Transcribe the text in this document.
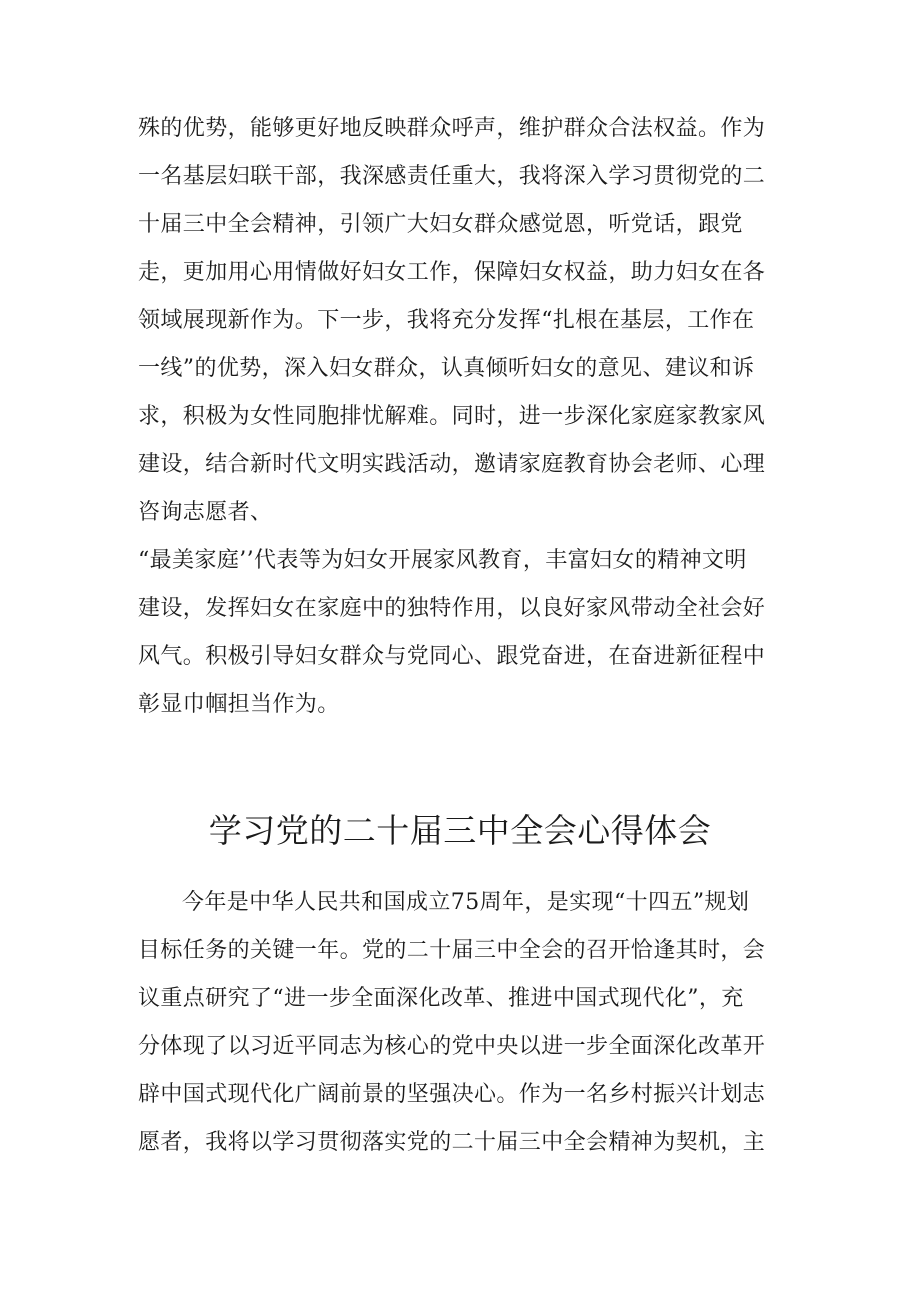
殊的优势，能够更好地反映群众呼声，维护群众合法权益。作为
一名基层妇联干部，我深感责任重大，我将深入学习贯彻党的二
十届三中全会精神，引领广大妇女群众感觉恩，听党话，跟党
走，更加用心用情做好妇女工作，保障妇女权益，助力妇女在各
领域展现新作为。下一步，我将充分发挥“扎根在基层，工作在
一线”的优势，深入妇女群众，认真倾听妇女的意见、建议和诉
求，积极为女性同胞排忧解难。同时，进一步深化家庭家教家风
建设，结合新时代文明实践活动，邀请家庭教育协会老师、心理
咨询志愿者、
“最美家庭’’代表等为妇女开展家风教育，丰富妇女的精神文明
建设，发挥妇女在家庭中的独特作用，以良好家风带动全社会好
风气。积极引导妇女群众与党同心、跟党奋进，在奋进新征程中
彰显巾帼担当作为。
学习党的二十届三中全会心得体会
今年是中华人民共和国成立75周年，是实现“十四五”规划
目标任务的关键一年。党的二十届三中全会的召开恰逢其时，会
议重点研究了“进一步全面深化改革、推进中国式现代化”，充
分体现了以习近平同志为核心的党中央以进一步全面深化改革开
辟中国式现代化广阔前景的坚强决心。作为一名乡村振兴计划志
愿者，我将以学习贯彻落实党的二十届三中全会精神为契机，主
